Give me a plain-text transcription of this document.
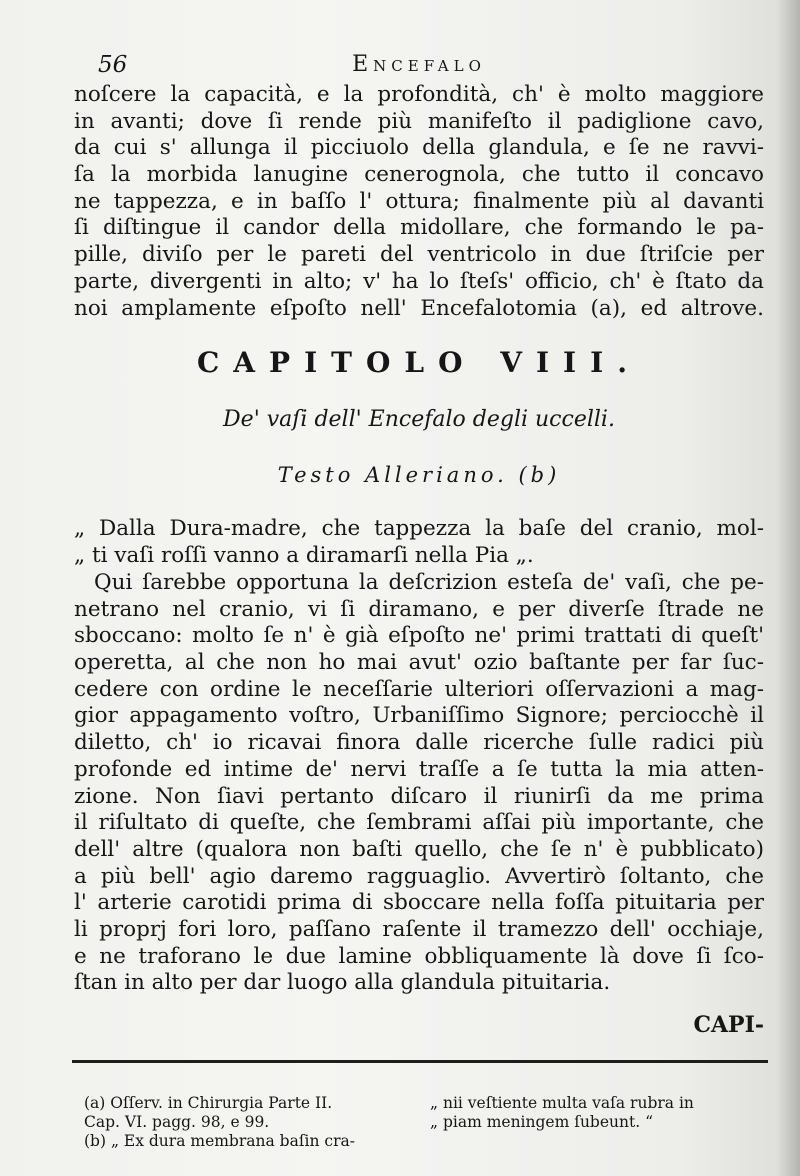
56	Encefalo
noſcere la capacità, e la profondità, ch' è molto maggiore
in avanti; dove ſi rende più manifeſto il padiglione cavo,
da cui s' allunga il picciuolo della glandula, e ſe ne ravvi-
ſa la morbida lanugine cenerognola, che tutto il concavo
ne tappezza, e in baſſo l' ottura; finalmente più al davanti
ſi diſtingue il candor della midollare, che formando le pa-
pille, diviſo per le pareti del ventricolo in due ſtriſcie per
parte, divergenti in alto; v' ha lo ſteſs' officio, ch' è ſtato da
noi amplamente eſpoſto nell' Encefalotomia (a), ed altrove.
CAPITOLO VIII.
De' vaſi dell' Encefalo degli uccelli.
Testo Alleriano. (b)
„ Dalla Dura-madre, che tappezza la baſe del cranio, mol-
„ ti vaſi roſſi vanno a diramarſi nella Pia „.
Qui ſarebbe opportuna la deſcrizion esteſa de' vaſi, che pe-
netrano nel cranio, vi ſi diramano, e per diverſe ſtrade ne
sboccano: molto ſe n' è già eſpoſto ne' primi trattati di queſt'
operetta, al che non ho mai avut' ozio baſtante per far ſuc-
cedere con ordine le neceſſarie ulteriori oſſervazioni a mag-
gior appagamento voſtro, Urbaniſſimo Signore; perciocchè il
diletto, ch' io ricavai finora dalle ricerche ſulle radici più
profonde ed intime de' nervi traſſe a ſe tutta la mia atten-
zione. Non ſiavi pertanto diſcaro il riunirſi da me prima
il riſultato di queſte, che ſembrami aſſai più importante, che
dell' altre (qualora non baſti quello, che ſe n' è pubblicato)
a più bell' agio daremo ragguaglio. Avvertirò ſoltanto, che
l' arterie carotidi prima di sboccare nella foſſa pituitaria per
li proprj fori loro, paſſano raſente il tramezzo dell' occhiaje,
e ne traforano le due lamine obbliquamente là dove ſi ſco-
ſtan in alto per dar luogo alla glandula pituitaria.
CAPI-
(a) Oſſerv. in Chirurgia Parte II.
Cap. VI. pagg. 98, e 99.
(b) „ Ex dura membrana baſin cra-
„ nii veſtiente multa vaſa rubra in
„ piam meningem ſubeunt. “
